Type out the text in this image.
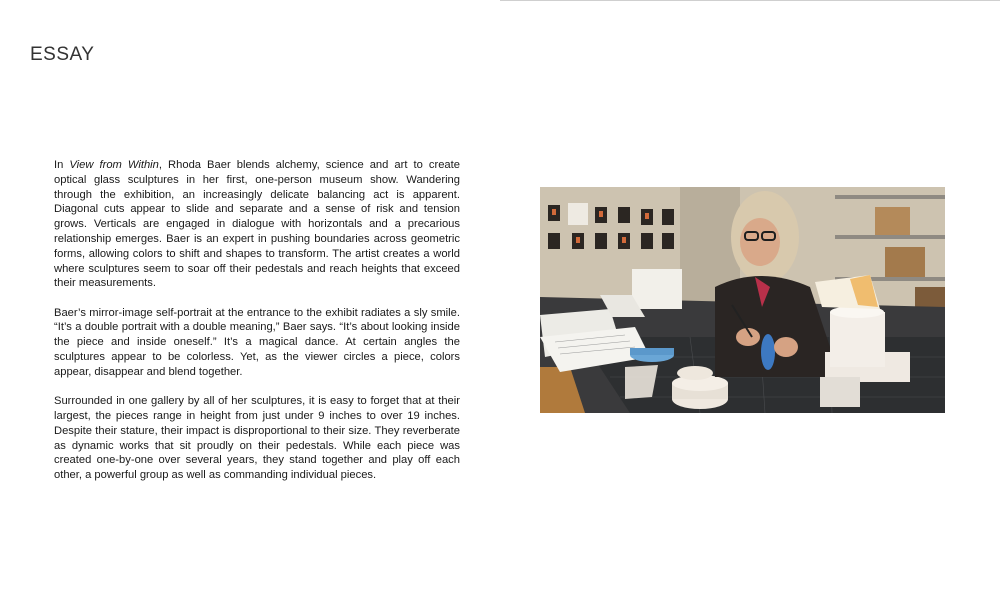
ESSAY

In View from Within, Rhoda Baer blends alchemy, science and art to create optical glass sculptures in her first, one-person museum show. Wandering through the exhibition, an increasingly delicate balancing act is apparent. Diagonal cuts appear to slide and separate and a sense of risk and tension grows. Verticals are engaged in dialogue with horizontals and a precarious relationship emerges. Baer is an expert in pushing boundaries across geometric forms, allowing colors to shift and shapes to transform. The artist creates a world where sculptures seem to soar off their pedestals and reach heights that exceed their measurements.

Baer’s mirror-image self-portrait at the entrance to the exhibit radiates a sly smile. “It’s a double portrait with a double meaning,” Baer says. “It’s about looking inside the piece and inside oneself.” It’s a magical dance. At certain angles the sculptures appear to be colorless. Yet, as the viewer circles a piece, colors appear, disappear and blend together.

Surrounded in one gallery by all of her sculptures, it is easy to forget that at their largest, the pieces range in height from just under 9 inches to over 19 inches. Despite their stature, their impact is disproportional to their size. They reverberate as dynamic works that sit proudly on their pedestals. While each piece was created one-by-one over several years, they stand together and play off each other, a powerful group as well as commanding individual pieces.
